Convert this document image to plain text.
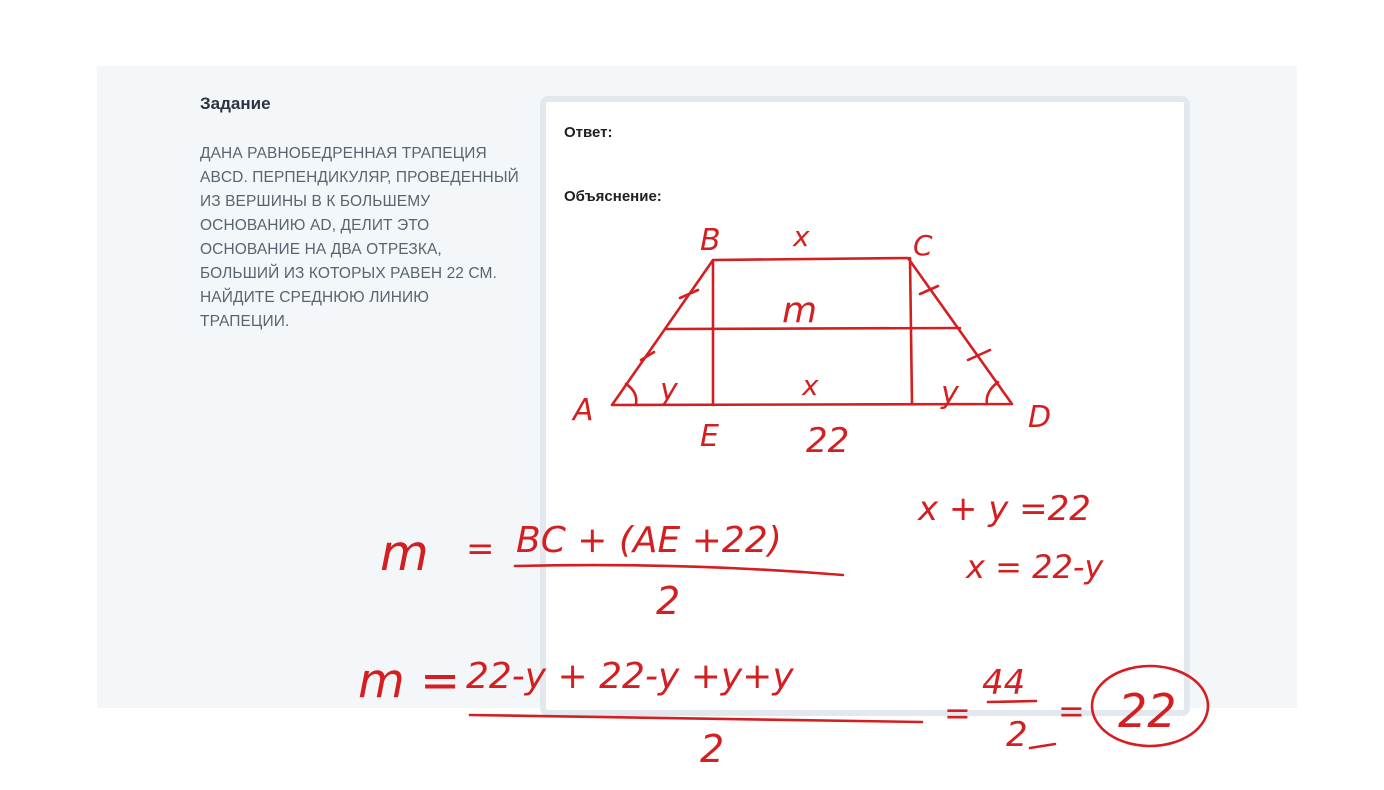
Задание
ДАНА РАВНОБЕДРЕННАЯ ТРАПЕЦИЯ ABCD. ПЕРПЕНДИКУЛЯР, ПРОВЕДЕННЫЙ ИЗ ВЕРШИНЫ B К БОЛЬШЕМУ ОСНОВАНИЮ AD, ДЕЛИТ ЭТО ОСНОВАНИЕ НА ДВА ОТРЕЗКА, БОЛЬШИЙ ИЗ КОТОРЫХ РАВЕН 22 СМ. НАЙДИТЕ СРЕДНЮЮ ЛИНИЮ ТРАПЕЦИИ.
Ответ:
Объяснение:
B	C
A	D
E
x
m
x
y	y
22
m = BC + (AE +22)
2
x + y =22
x = 22-y
m = 22-y + 22-y +y+y
2
=
44
2
= 22
